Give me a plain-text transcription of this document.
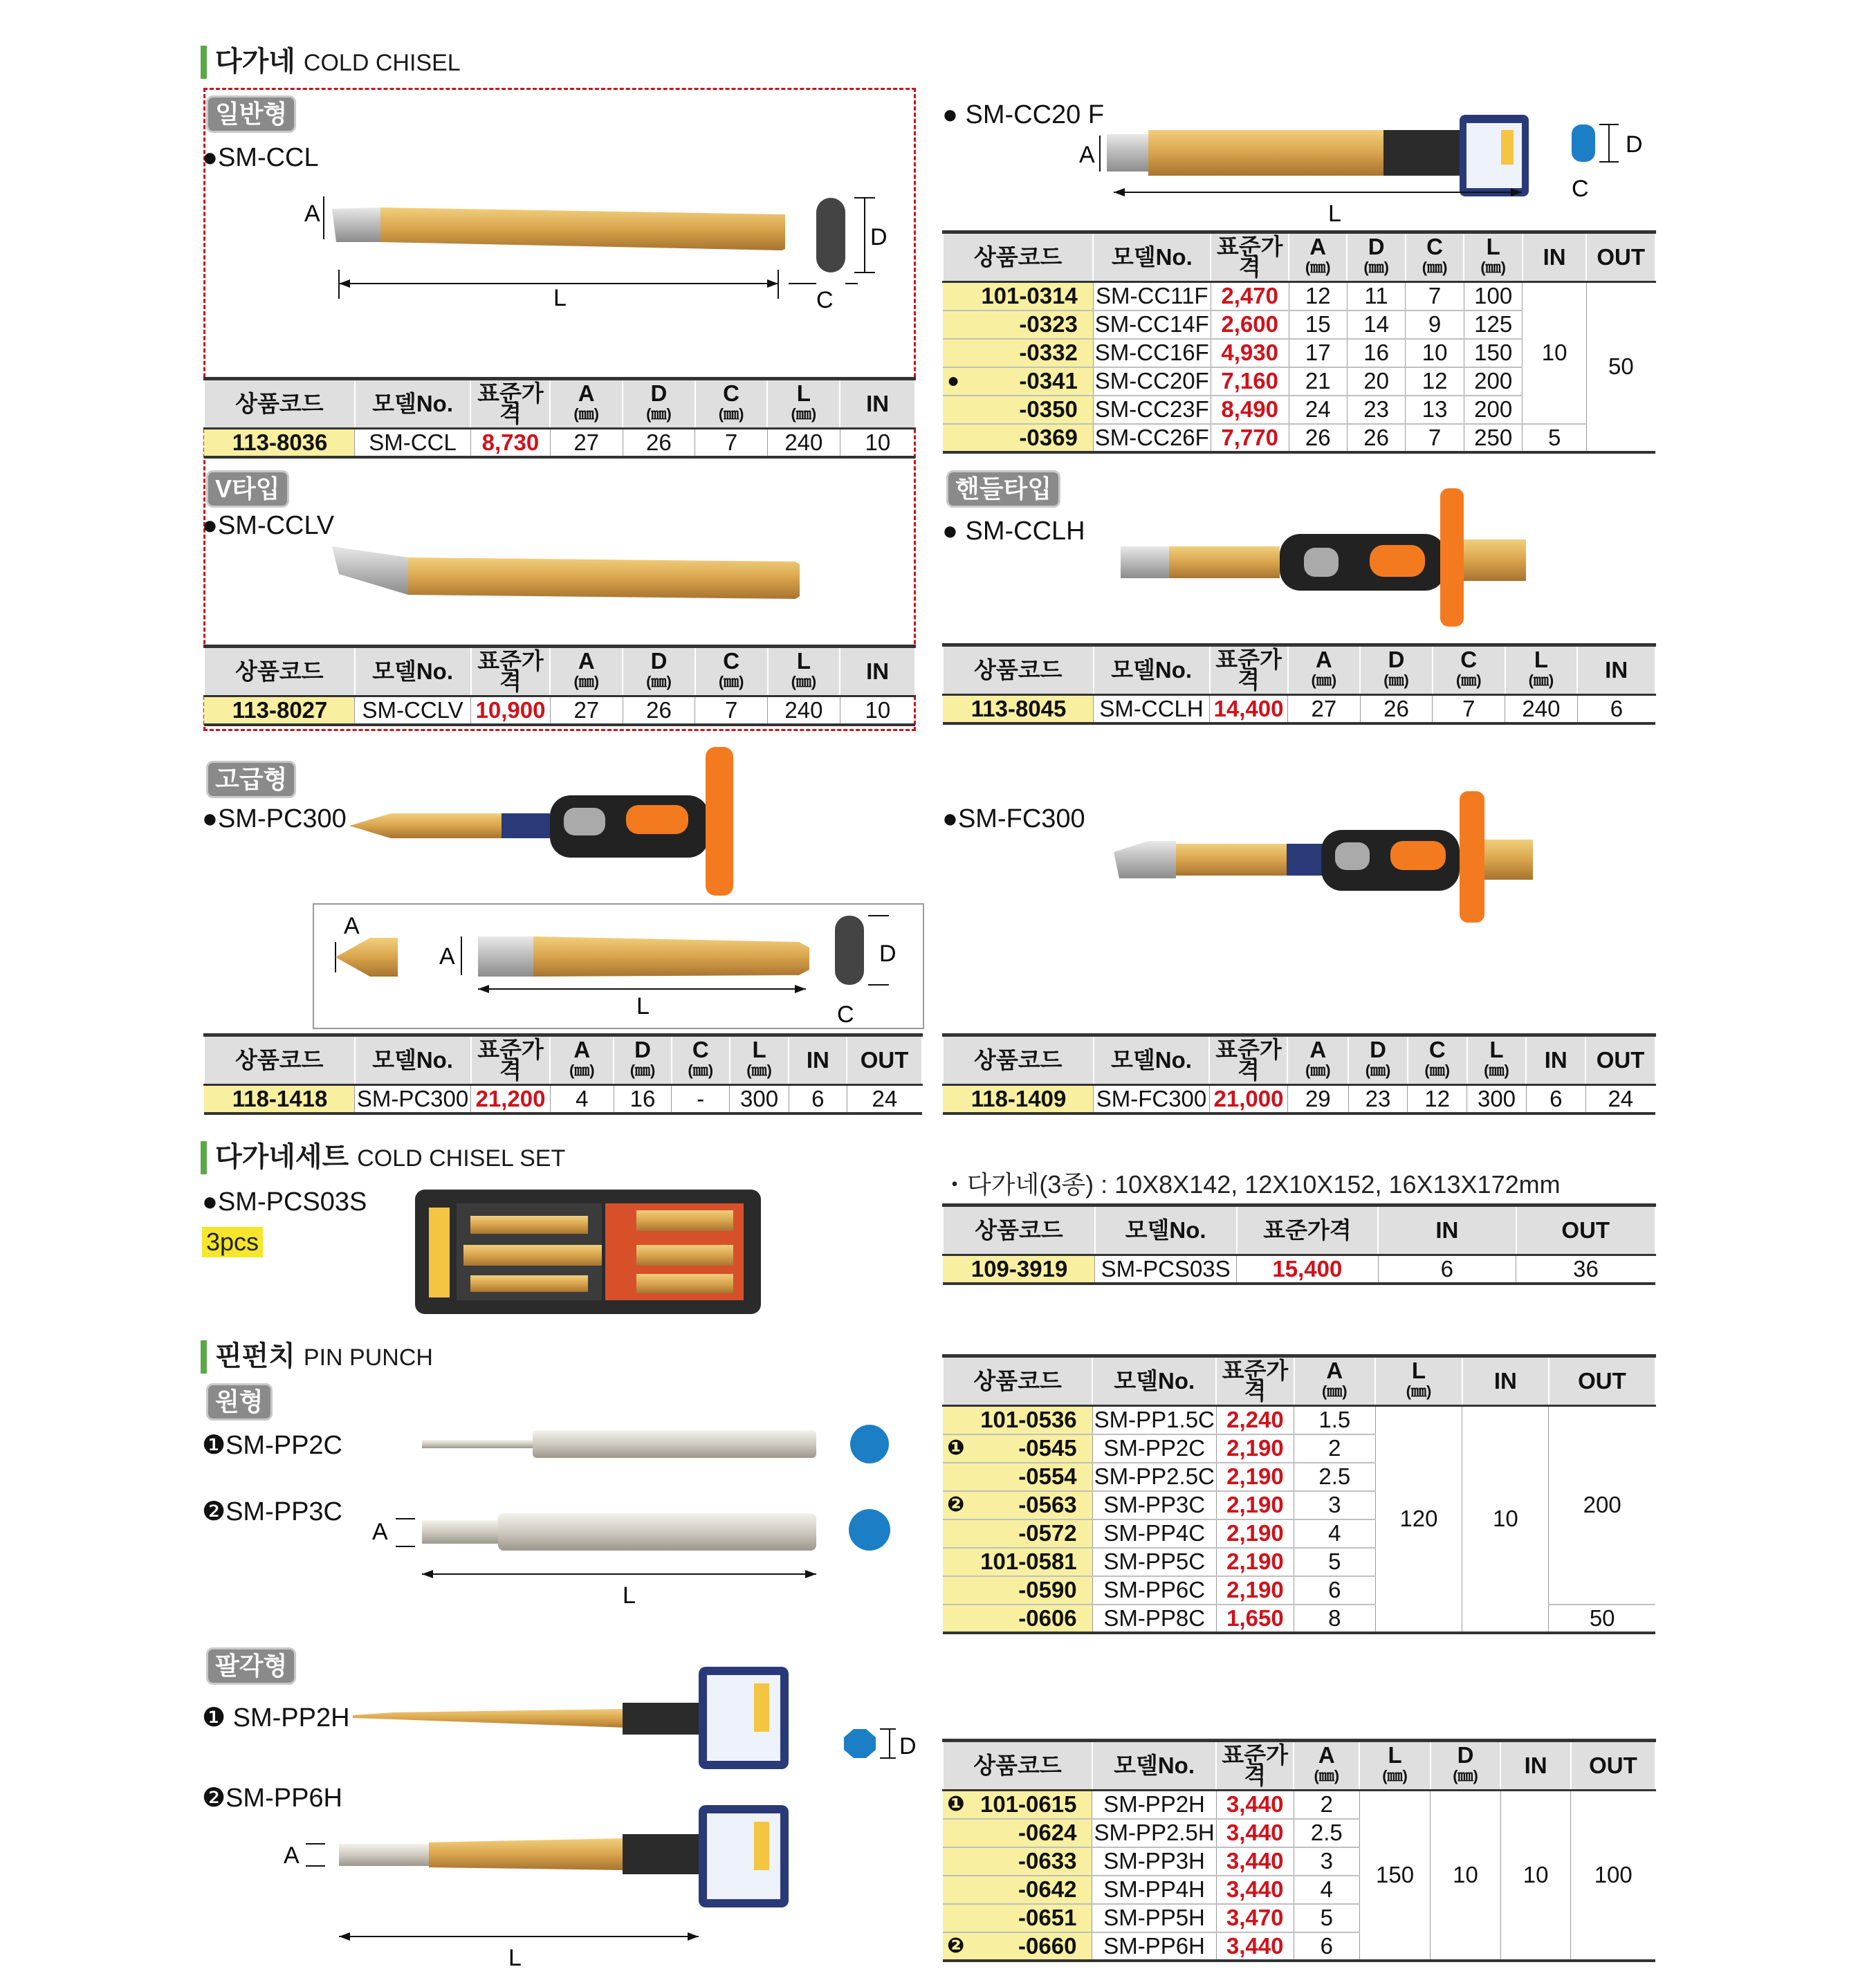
다가네 COLD CHISEL
일반형
●SM-CCL
A
L
D
C
상품코드	모델No.	표준가격	A
(㎜)	D
(㎜)	C
(㎜)	L
(㎜)	IN
113-8036	SM-CCL	8,730	27	26	7	240	10
V타입
●SM-CCLV
상품코드	모델No.	표준가격	A
(㎜)	D
(㎜)	C
(㎜)	L
(㎜)	IN
113-8027	SM-CCLV	10,900	27	26	7	240	10
● SM-CC20 F
A
L
D
C
상품코드	모델No.	표준가격	A
(㎜)	D
(㎜)	C
(㎜)	L
(㎜)	IN	OUT

101-0314	SM-CC11F	2,470	12	11	7	100	10	50

-0323	SM-CC14F	2,600	15	14	9	125		

-0332	SM-CC16F	4,930	17	16	10	150		

● -0341	SM-CC20F	7,160	21	20	12	200		

-0350	SM-CC23F	8,490	24	23	13	200		

-0369	SM-CC26F	7,770	26	26	7	250	5	
핸들타입
● SM-CCLH
상품코드	모델No.	표준가격	A
(㎜)	D
(㎜)	C
(㎜)	L
(㎜)	IN
113-8045	SM-CCLH	14,400	27	26	7	240	6
고급형
●SM-PC300
A
A
L
D
C
상품코드	모델No.	표준가격	A
(㎜)	D
(㎜)	C
(㎜)	L
(㎜)	IN	OUT
118-1418	SM-PC300	21,200	4	16	-	300	6	24
●SM-FC300
상품코드	모델No.	표준가격	A
(㎜)	D
(㎜)	C
(㎜)	L
(㎜)	IN	OUT
118-1409	SM-FC300	21,000	29	23	12	300	6	24
다가네세트 COLD CHISEL SET
●SM-PCS03S
3pcs
・다가네(3종) : 10X8X142, 12X10X152, 16X13X172mm
상품코드	모델No.	표준가격	IN	OUT
109-3919	SM-PCS03S	15,400	6	36
핀펀치 PIN PUNCH
원형
❶SM-PP2C
❷SM-PP3C
A
L
상품코드	모델No.	표준가격	A
(㎜)	L
(㎜)	IN	OUT

101-0536	SM-PP1.5C	2,240	1.5	120	10	200

❶ -0545	SM-PP2C	2,190	2			

-0554	SM-PP2.5C	2,190	2.5			

❷ -0563	SM-PP3C	2,190	3			

-0572	SM-PP4C	2,190	4			

101-0581	SM-PP5C	2,190	5			

-0590	SM-PP6C	2,190	6			

-0606	SM-PP8C	1,650	8			50
팔각형
❶ SM-PP2H
❷SM-PP6H
D
A
L
상품코드	모델No.	표준가격	A
(㎜)	L
(㎜)	D
(㎜)	IN	OUT

❶ 101-0615	SM-PP2H	3,440	2	150	10	10	100

-0624	SM-PP2.5H	3,440	2.5				

-0633	SM-PP3H	3,440	3				

-0642	SM-PP4H	3,440	4				

-0651	SM-PP5H	3,470	5				

❷ -0660	SM-PP6H	3,440	6				
